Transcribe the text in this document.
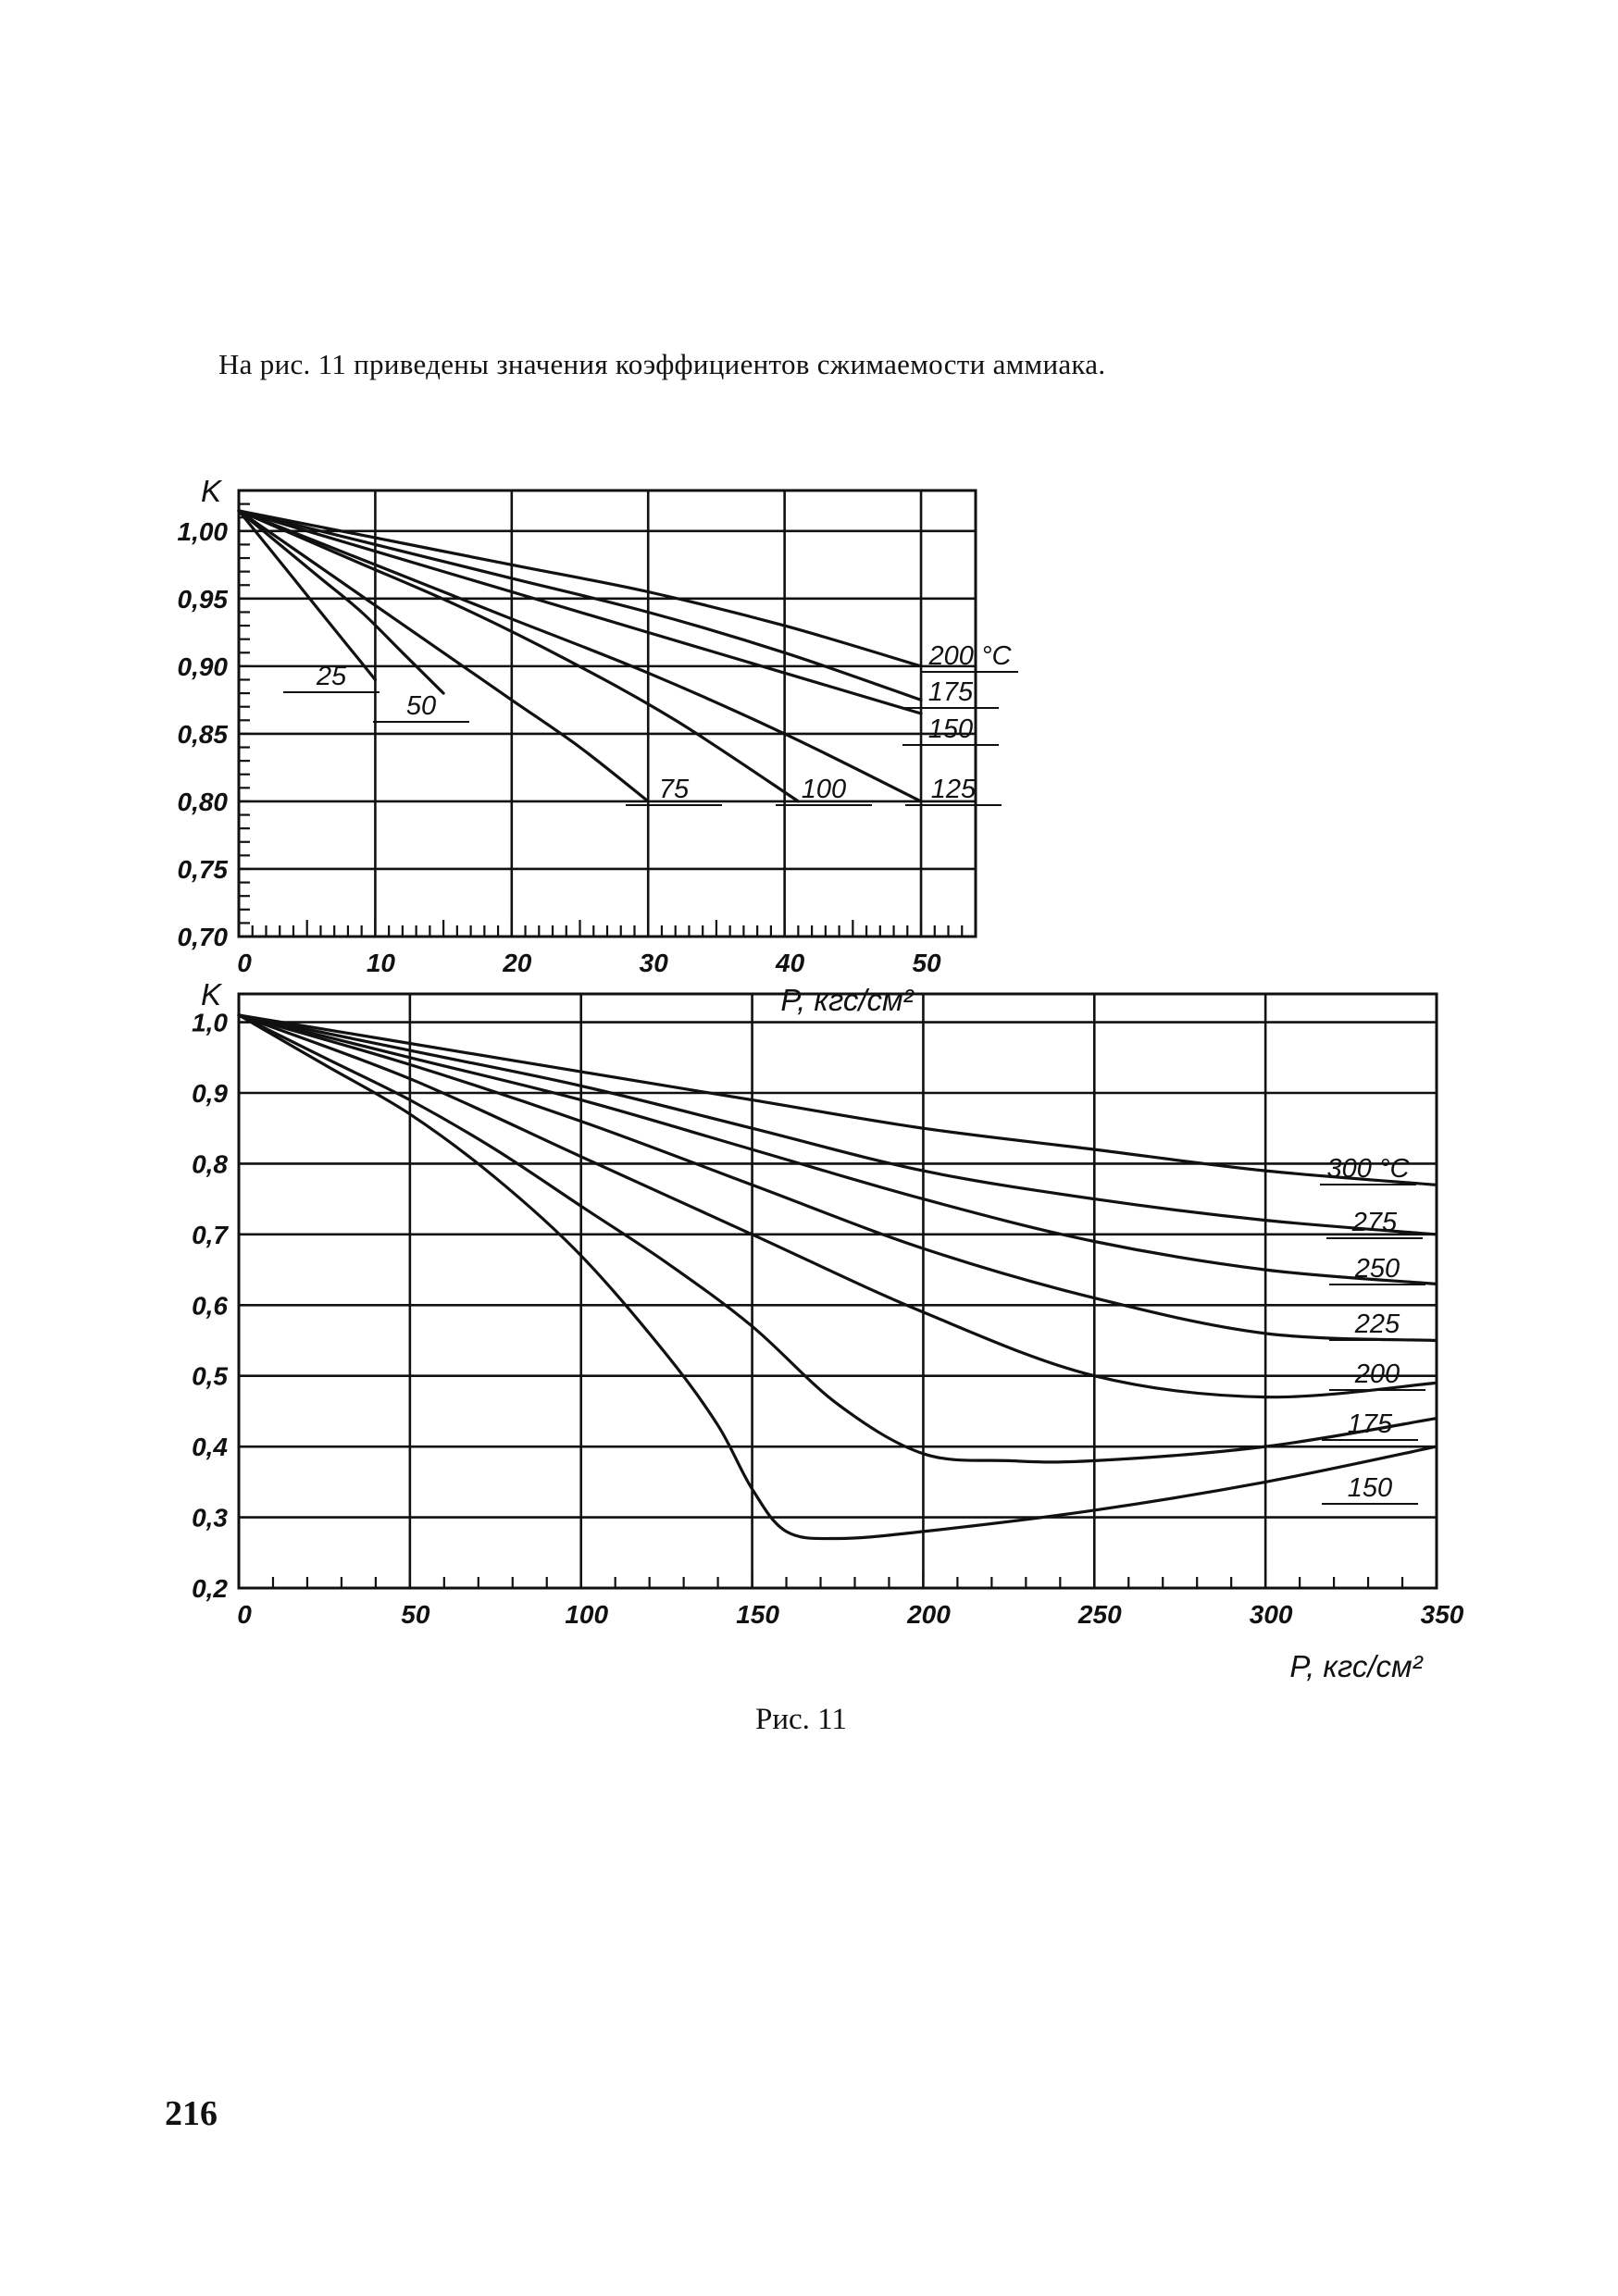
На рис. 11 приведены значения коэффициентов сжимаемости аммиака.
0	10	20	30	40	50
1,00
0,95
0,90
0,85
0,80
0,75
0,70
K
P, кгс/см²
25
50
75	100	125
150
175
200 °C
0	50	100	150	200	250	300	350
1,0
0,9
0,8
0,7
0,6
0,5
0,4
0,3
0,2
K
P, кгс/см²
150
175
200
225
250
275
300 °C
Рис. 11
216
